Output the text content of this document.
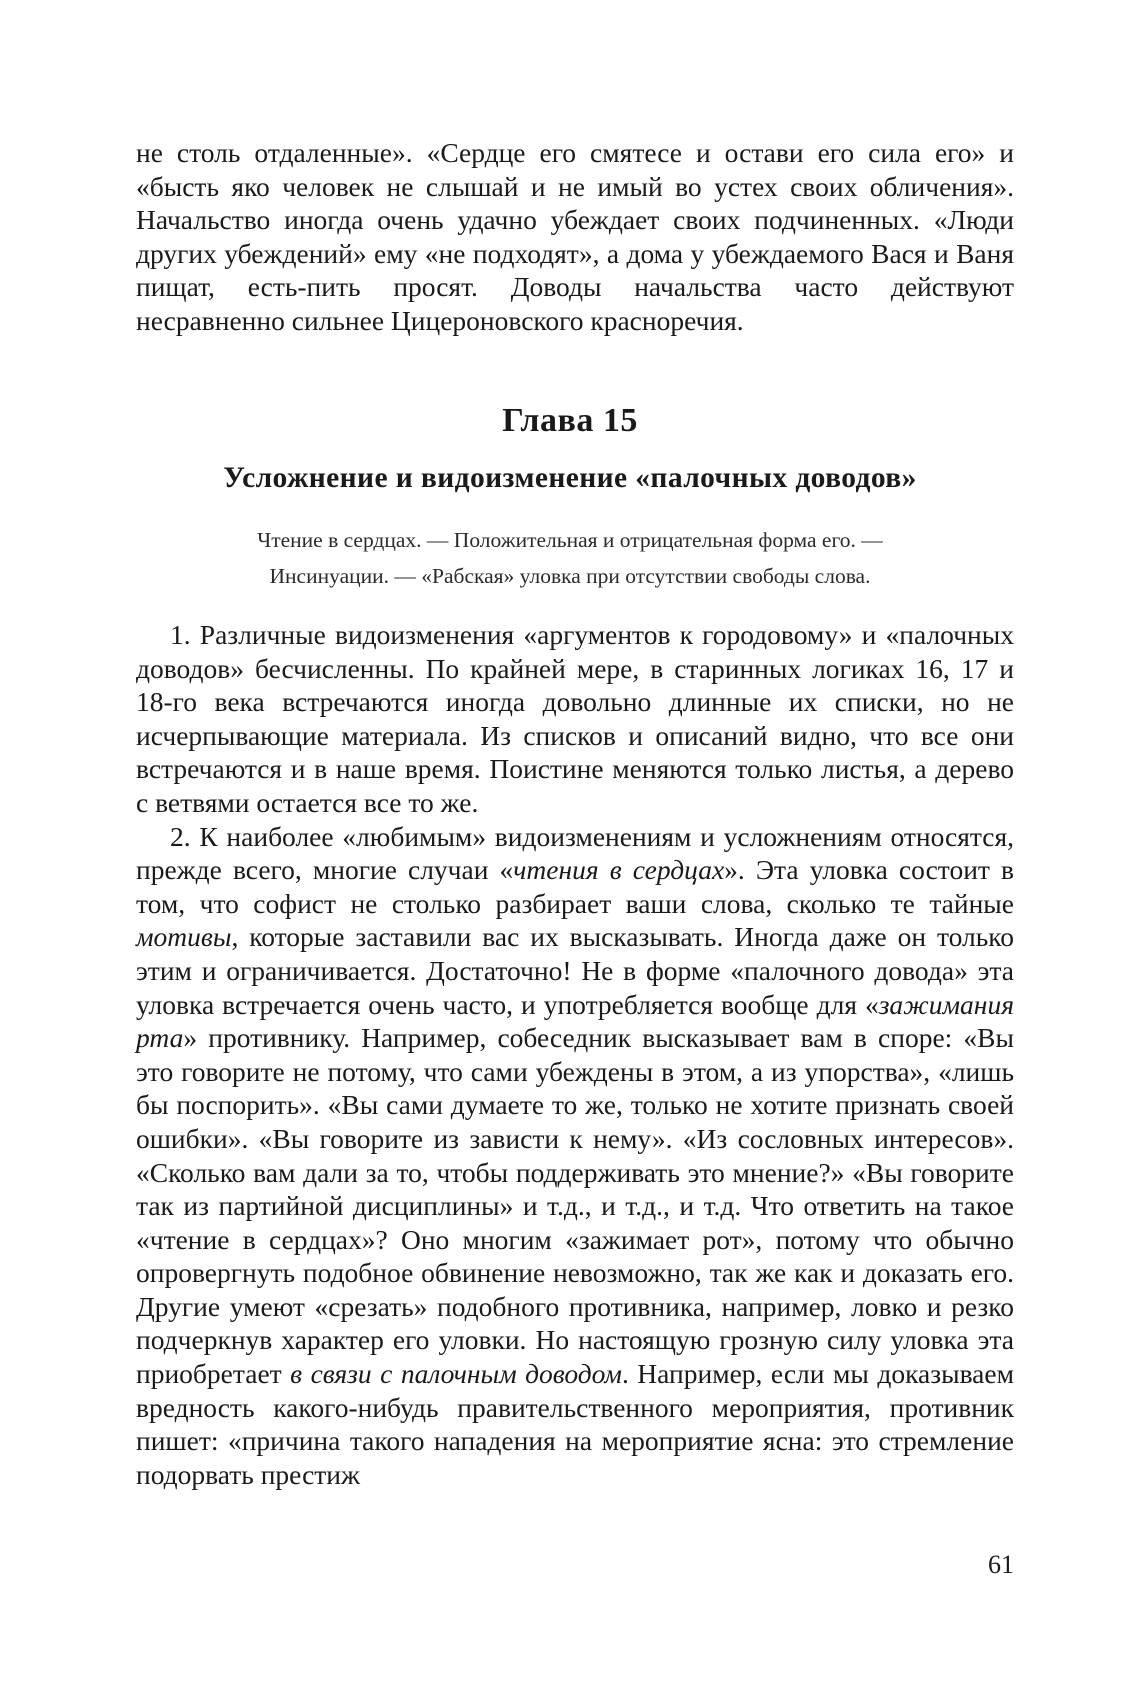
не столь отдаленные». «Сердце его смятесе и остави его сила его» и «бысть яко человек не слышай и не имый во устех своих обличения». Начальство иногда очень удачно убеждает своих подчиненных. «Люди других убеждений» ему «не подходят», а дома у убеждаемого Вася и Ваня пищат, есть-пить просят. Доводы начальства часто действуют несравненно сильнее Цицероновского красноречия.

Глава 15
Усложнение и видоизменение «палочных доводов»
Чтение в сердцах. — Положительная и отрицательная форма его. —
Инсинуации. — «Рабская» уловка при отсутствии свободы слова.

1. Различные видоизменения «аргументов к городовому» и «палочных доводов» бесчисленны. По крайней мере, в старинных логиках 16, 17 и 18-го века встречаются иногда довольно длинные их списки, но не исчерпывающие материала. Из списков и описаний видно, что все они встречаются и в наше время. Поистине меняются только листья, а дерево с ветвями остается все то же.

2. К наиболее «любимым» видоизменениям и усложнениям относятся, прежде всего, многие случаи «чтения в сердцах». Эта уловка состоит в том, что софист не столько разбирает ваши слова, сколько те тайные мотивы, которые заставили вас их высказывать. Иногда даже он только этим и ограничивается. Достаточно! Не в форме «палочного довода» эта уловка встречается очень часто, и употребляется вообще для «зажимания рта» противнику. Например, собеседник высказывает вам в споре: «Вы это говорите не потому, что сами убеждены в этом, а из упорства», «лишь бы поспорить». «Вы сами думаете то же, только не хотите признать своей ошибки». «Вы говорите из зависти к нему». «Из сословных интересов». «Сколько вам дали за то, чтобы поддерживать это мнение?» «Вы говорите так из партийной дисциплины» и т.д., и т.д., и т.д. Что ответить на такое «чтение в сердцах»? Оно многим «зажимает рот», потому что обычно опровергнуть подобное обвинение невозможно, так же как и доказать его. Другие умеют «срезать» подобного противника, например, ловко и резко подчеркнув характер его уловки. Но настоящую грозную силу уловка эта приобретает в связи с палочным доводом. Например, если мы доказываем вредность какого-нибудь правительственного мероприятия, противник пишет: «причина такого нападения на мероприятие ясна: это стремление подорвать престиж

61
